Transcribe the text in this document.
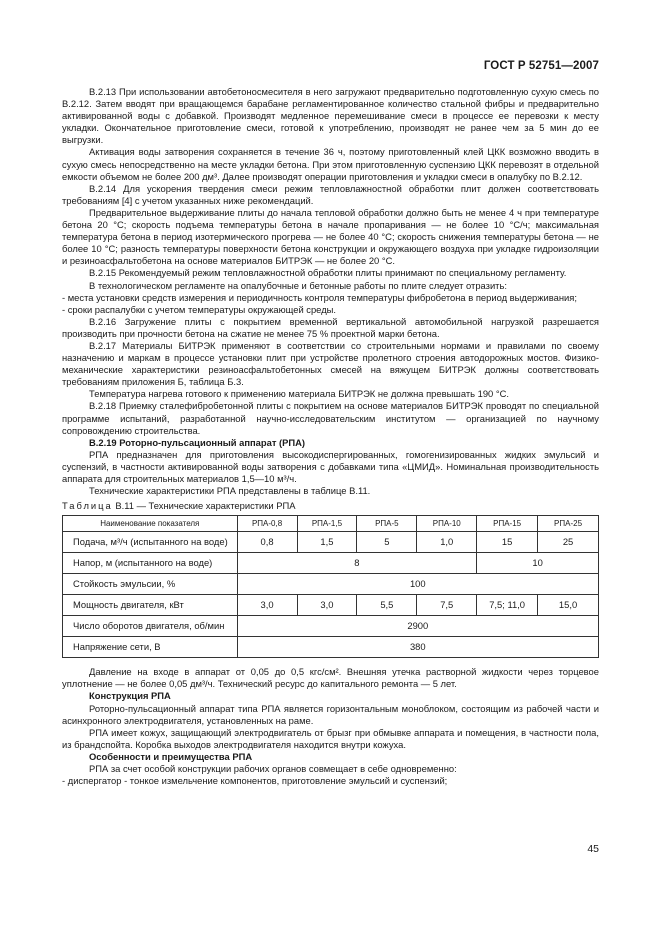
ГОСТ Р 52751—2007

В.2.13 При использовании автобетоносмесителя в него загружают предварительно подготовленную сухую смесь по В.2.12. Затем вводят при вращающемся барабане регламентированное количество стальной фибры и предварительно активированной воды с добавкой. Производят медленное перемешивание смеси в процессе ее перевозки к месту укладки. Окончательное приготовление смеси, готовой к употреблению, производят не ранее чем за 5 мин до ее выгрузки.

Активация воды затворения сохраняется в течение 36 ч, поэтому приготовленный клей ЦКК возможно вводить в сухую смесь непосредственно на месте укладки бетона. При этом приготовленную суспензию ЦКК перевозят в отдельной емкости объемом не более 200 дм³. Далее производят операции приготовления и укладки смеси в опалубку по В.2.12.

В.2.14 Для ускорения твердения смеси режим тепловлажностной обработки плит должен соответствовать требованиям [4] с учетом указанных ниже рекомендаций.

Предварительное выдерживание плиты до начала тепловой обработки должно быть не менее 4 ч при температуре бетона 20 °С; скорость подъема температуры бетона в начале пропаривания — не более 10 °С/ч; максимальная температура бетона в период изотермического прогрева — не более 40 °С; скорость снижения температуры бетона — не более 10 °С; разность температуры поверхности бетона конструкции и окружающего воздуха при укладке гидроизоляции и резиноасфальтобетона на основе материалов БИТРЭК — не более 20 °С.

В.2.15 Рекомендуемый режим тепловлажностной обработки плиты принимают по специальному регламенту.

В технологическом регламенте на опалубочные и бетонные работы по плите следует отразить:

- места установки средств измерения и периодичность контроля температуры фибробетона в период выдерживания;

- сроки распалубки с учетом температуры окружающей среды.

В.2.16 Загружение плиты с покрытием временной вертикальной автомобильной нагрузкой разрешается производить при прочности бетона на сжатие не менее 75 % проектной марки бетона.

В.2.17 Материалы БИТРЭК применяют в соответствии со строительными нормами и правилами по своему назначению и маркам в процессе установки плит при устройстве пролетного строения автодорожных мостов. Физико-механические характеристики резиноасфальтобетонных смесей на вяжущем БИТРЭК должны соответствовать требованиям приложения Б, таблица Б.3.

Температура нагрева готового к применению материала БИТРЭК не должна превышать 190 °С.

В.2.18 Приемку сталефибробетонной плиты с покрытием на основе материалов БИТРЭК проводят по специальной программе испытаний, разработанной научно-исследовательским институтом — организацией по научному сопровождению строительства.

В.2.19 Роторно-пульсационный аппарат (РПА)

РПА предназначен для приготовления высокодиспергированных, гомогенизированных жидких эмульсий и суспензий, в частности активированной воды затворения с добавками типа «ЦМИД». Номинальная производительность аппарата для строительных материалов 1,5—10 м³/ч.

Технические характеристики РПА представлены в таблице В.11.

Таблица В.11 — Технические характеристики РПА
Наименование показателя	РПА-0,8	РПА-1,5	РПА-5	РПА-10	РПА-15	РПА-25
Подача, м³/ч (испытанного на воде)	0,8	1,5	5	1,0	15	25
Напор, м (испытанного на воде)	8				10	
Стойкость эмульсии, %	100					
Мощность двигателя, кВт	3,0	3,0	5,5	7,5	7,5; 11,0	15,0
Число оборотов двигателя, об/мин	2900					
Напряжение сети, В	380					

Давление на входе в аппарат от 0,05 до 0,5 кгс/см². Внешняя утечка растворной жидкости через торцевое уплотнение — не более 0,05 дм³/ч. Технический ресурс до капитального ремонта — 5 лет.

Конструкция РПА

Роторно-пульсационный аппарат типа РПА является горизонтальным моноблоком, состоящим из рабочей части и асинхронного электродвигателя, установленных на раме.

РПА имеет кожух, защищающий электродвигатель от брызг при обмывке аппарата и помещения, в частности пола, из брандспойта. Коробка выходов электродвигателя находится внутри кожуха.

Особенности и преимущества РПА

РПА за счет особой конструкции рабочих органов совмещает в себе одновременно:

- диспергатор - тонкое измельчение компонентов, приготовление эмульсий и суспензий;

45
